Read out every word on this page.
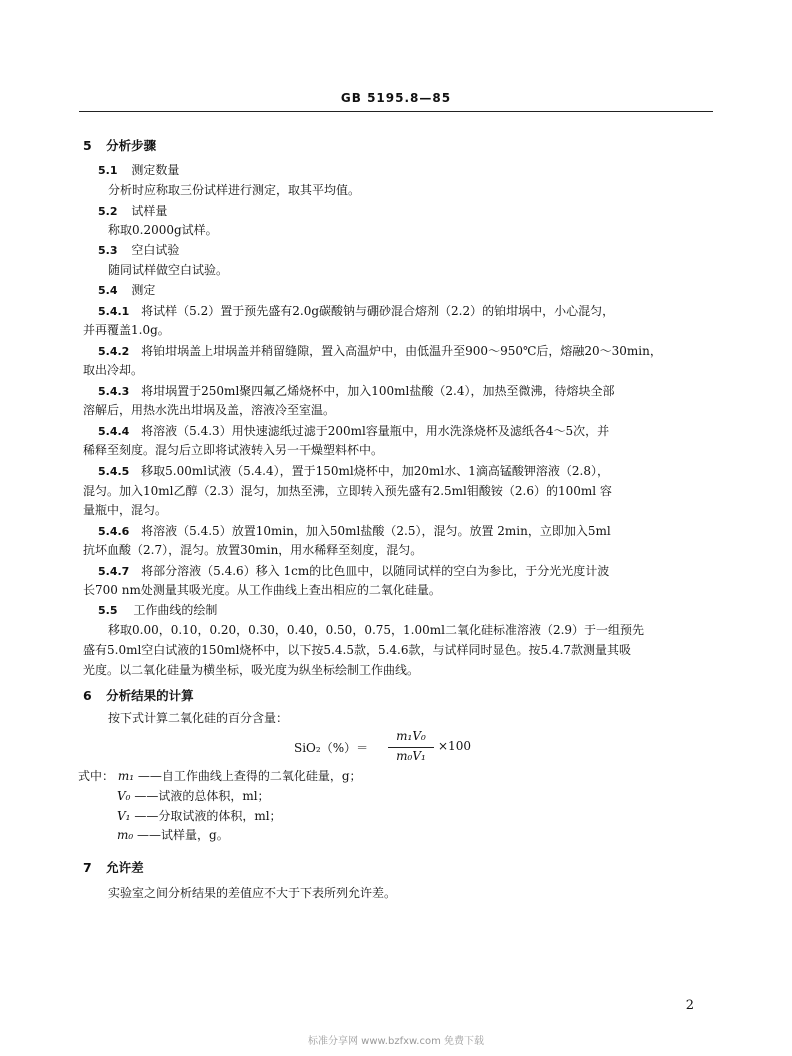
GB 5195.8—85
5 分析步骤
5.1 测定数量
分析时应称取三份试样进行测定，取其平均值。
5.2 试样量
称取0.2000g试样。
5.3 空白试验
随同试样做空白试验。
5.4 测定
5.4.1 将试样（5.2）置于预先盛有2.0g碳酸钠与硼砂混合熔剂（2.2）的铂坩埚中，小心混匀，
并再覆盖1.0g。
5.4.2 将铂坩埚盖上坩埚盖并稍留缝隙，置入高温炉中，由低温升至900～950℃后，熔融20～30min，
取出冷却。
5.4.3 将坩埚置于250ml聚四氟乙烯烧杯中，加入100ml盐酸（2.4），加热至微沸，待熔块全部
溶解后，用热水洗出坩埚及盖，溶液冷至室温。
5.4.4 将溶液（5.4.3）用快速滤纸过滤于200ml容量瓶中，用水洗涤烧杯及滤纸各4～5次，并
稀释至刻度。混匀后立即将试液转入另一干燥塑料杯中。
5.4.5 移取5.00ml试液（5.4.4），置于150ml烧杯中，加20ml水、1滴高锰酸钾溶液（2.8），
混匀。加入10ml乙醇（2.3）混匀，加热至沸，立即转入预先盛有2.5ml钼酸铵（2.6）的100ml 容
量瓶中，混匀。
5.4.6 将溶液（5.4.5）放置10min，加入50ml盐酸（2.5），混匀。放置 2min，立即加入5ml
抗坏血酸（2.7），混匀。放置30min，用水稀释至刻度，混匀。
5.4.7 将部分溶液（5.4.6）移入 1cm的比色皿中，以随同试样的空白为参比，于分光光度计波
长700 nm处测量其吸光度。从工作曲线上查出相应的二氧化硅量。
5.5 工作曲线的绘制
移取0.00，0.10，0.20，0.30，0.40，0.50，0.75，1.00ml二氧化硅标准溶液（2.9）于一组预先
盛有5.0ml空白试液的150ml烧杯中，以下按5.4.5款，5.4.6款，与试样同时显色。按5.4.7款测量其吸
光度。以二氧化硅量为横坐标，吸光度为纵坐标绘制工作曲线。
6 分析结果的计算
按下式计算二氧化硅的百分含量：
SiO₂（%）＝
m₁V₀
m₀V₁
×100
式中： m₁ ——自工作曲线上查得的二氧化硅量，g；
V₀ ——试液的总体积，ml；
V₁ ——分取试液的体积，ml；
m₀ ——试样量，g。
7 允许差
实验室之间分析结果的差值应不大于下表所列允许差。
2
标准分享网 www.bzfxw.com 免费下载
